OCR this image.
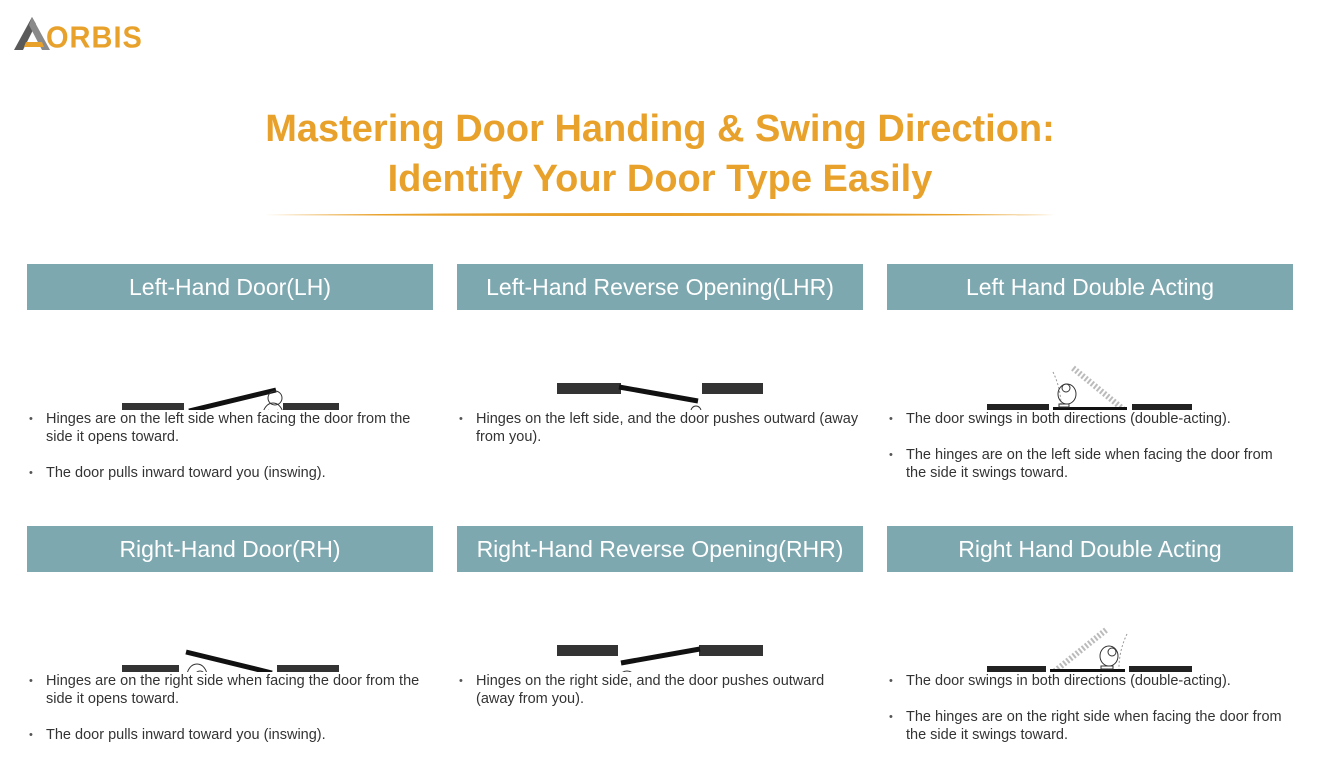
ORBIS
Mastering Door Handing & Swing Direction:
Identify Your Door Type Easily
Left-Hand Door(LH)
• Hinges are on the left side when facing the door from the side it opens toward.
• The door pulls inward toward you (inswing).
Left-Hand Reverse Opening(LHR)
• Hinges on the left side, and the door pushes outward (away from you).
Left Hand Double Acting
• The door swings in both directions (double-acting).
• The hinges are on the left side when facing the door from the side it swings toward.
Right-Hand Door(RH)
• Hinges are on the right side when facing the door from the side it opens toward.
• The door pulls inward toward you (inswing).
Right-Hand Reverse Opening(RHR)
• Hinges on the right side, and the door pushes outward (away from you).
Right Hand Double Acting
• The door swings in both directions (double-acting).
• The hinges are on the right side when facing the door from the side it swings toward.
